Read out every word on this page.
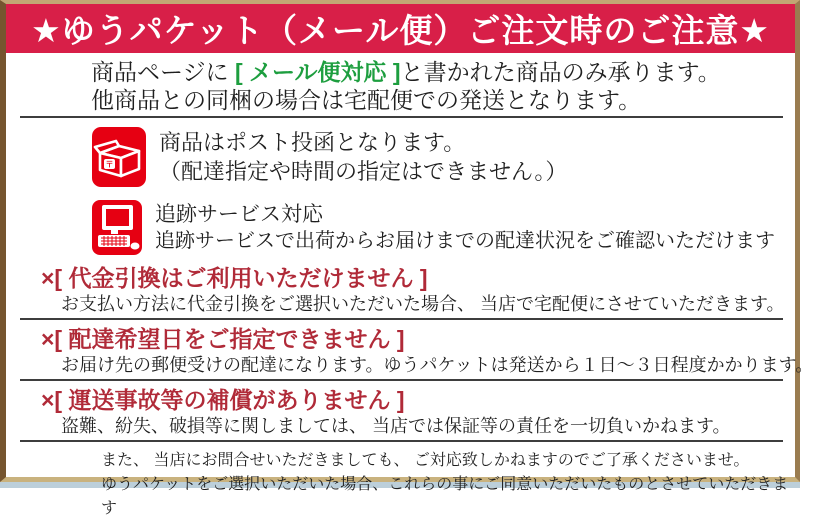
★ゆうパケット（メール便）ご注文時のご注意★
商品ページに [ メール便対応 ]と書かれた商品のみ承ります。
他商品との同梱の場合は宅配便での発送となります。
〒
商品はポスト投函となります。
（配達指定や時間の指定はできません。）
追跡サービス対応
追跡サービスで出荷からお届けまでの配達状況をご確認いただけます
×[ 代金引換はご利用いただけません ]
お支払い方法に代金引換をご選択いただいた場合、 当店で宅配便にさせていただきます。
×[ 配達希望日をご指定できません ]
お届け先の郵便受けの配達になります。ゆうパケットは発送から１日～３日程度かかります。
×[ 運送事故等の補償がありません ]
盗難、紛失、破損等に関しましては、 当店では保証等の責任を一切負いかねます。
また、 当店にお問合せいただきましても、 ご対応致しかねますのでご了承くださいませ。
ゆうパケットをご選択いただいた場合、これらの事にご同意いただいたものとさせていただきます
